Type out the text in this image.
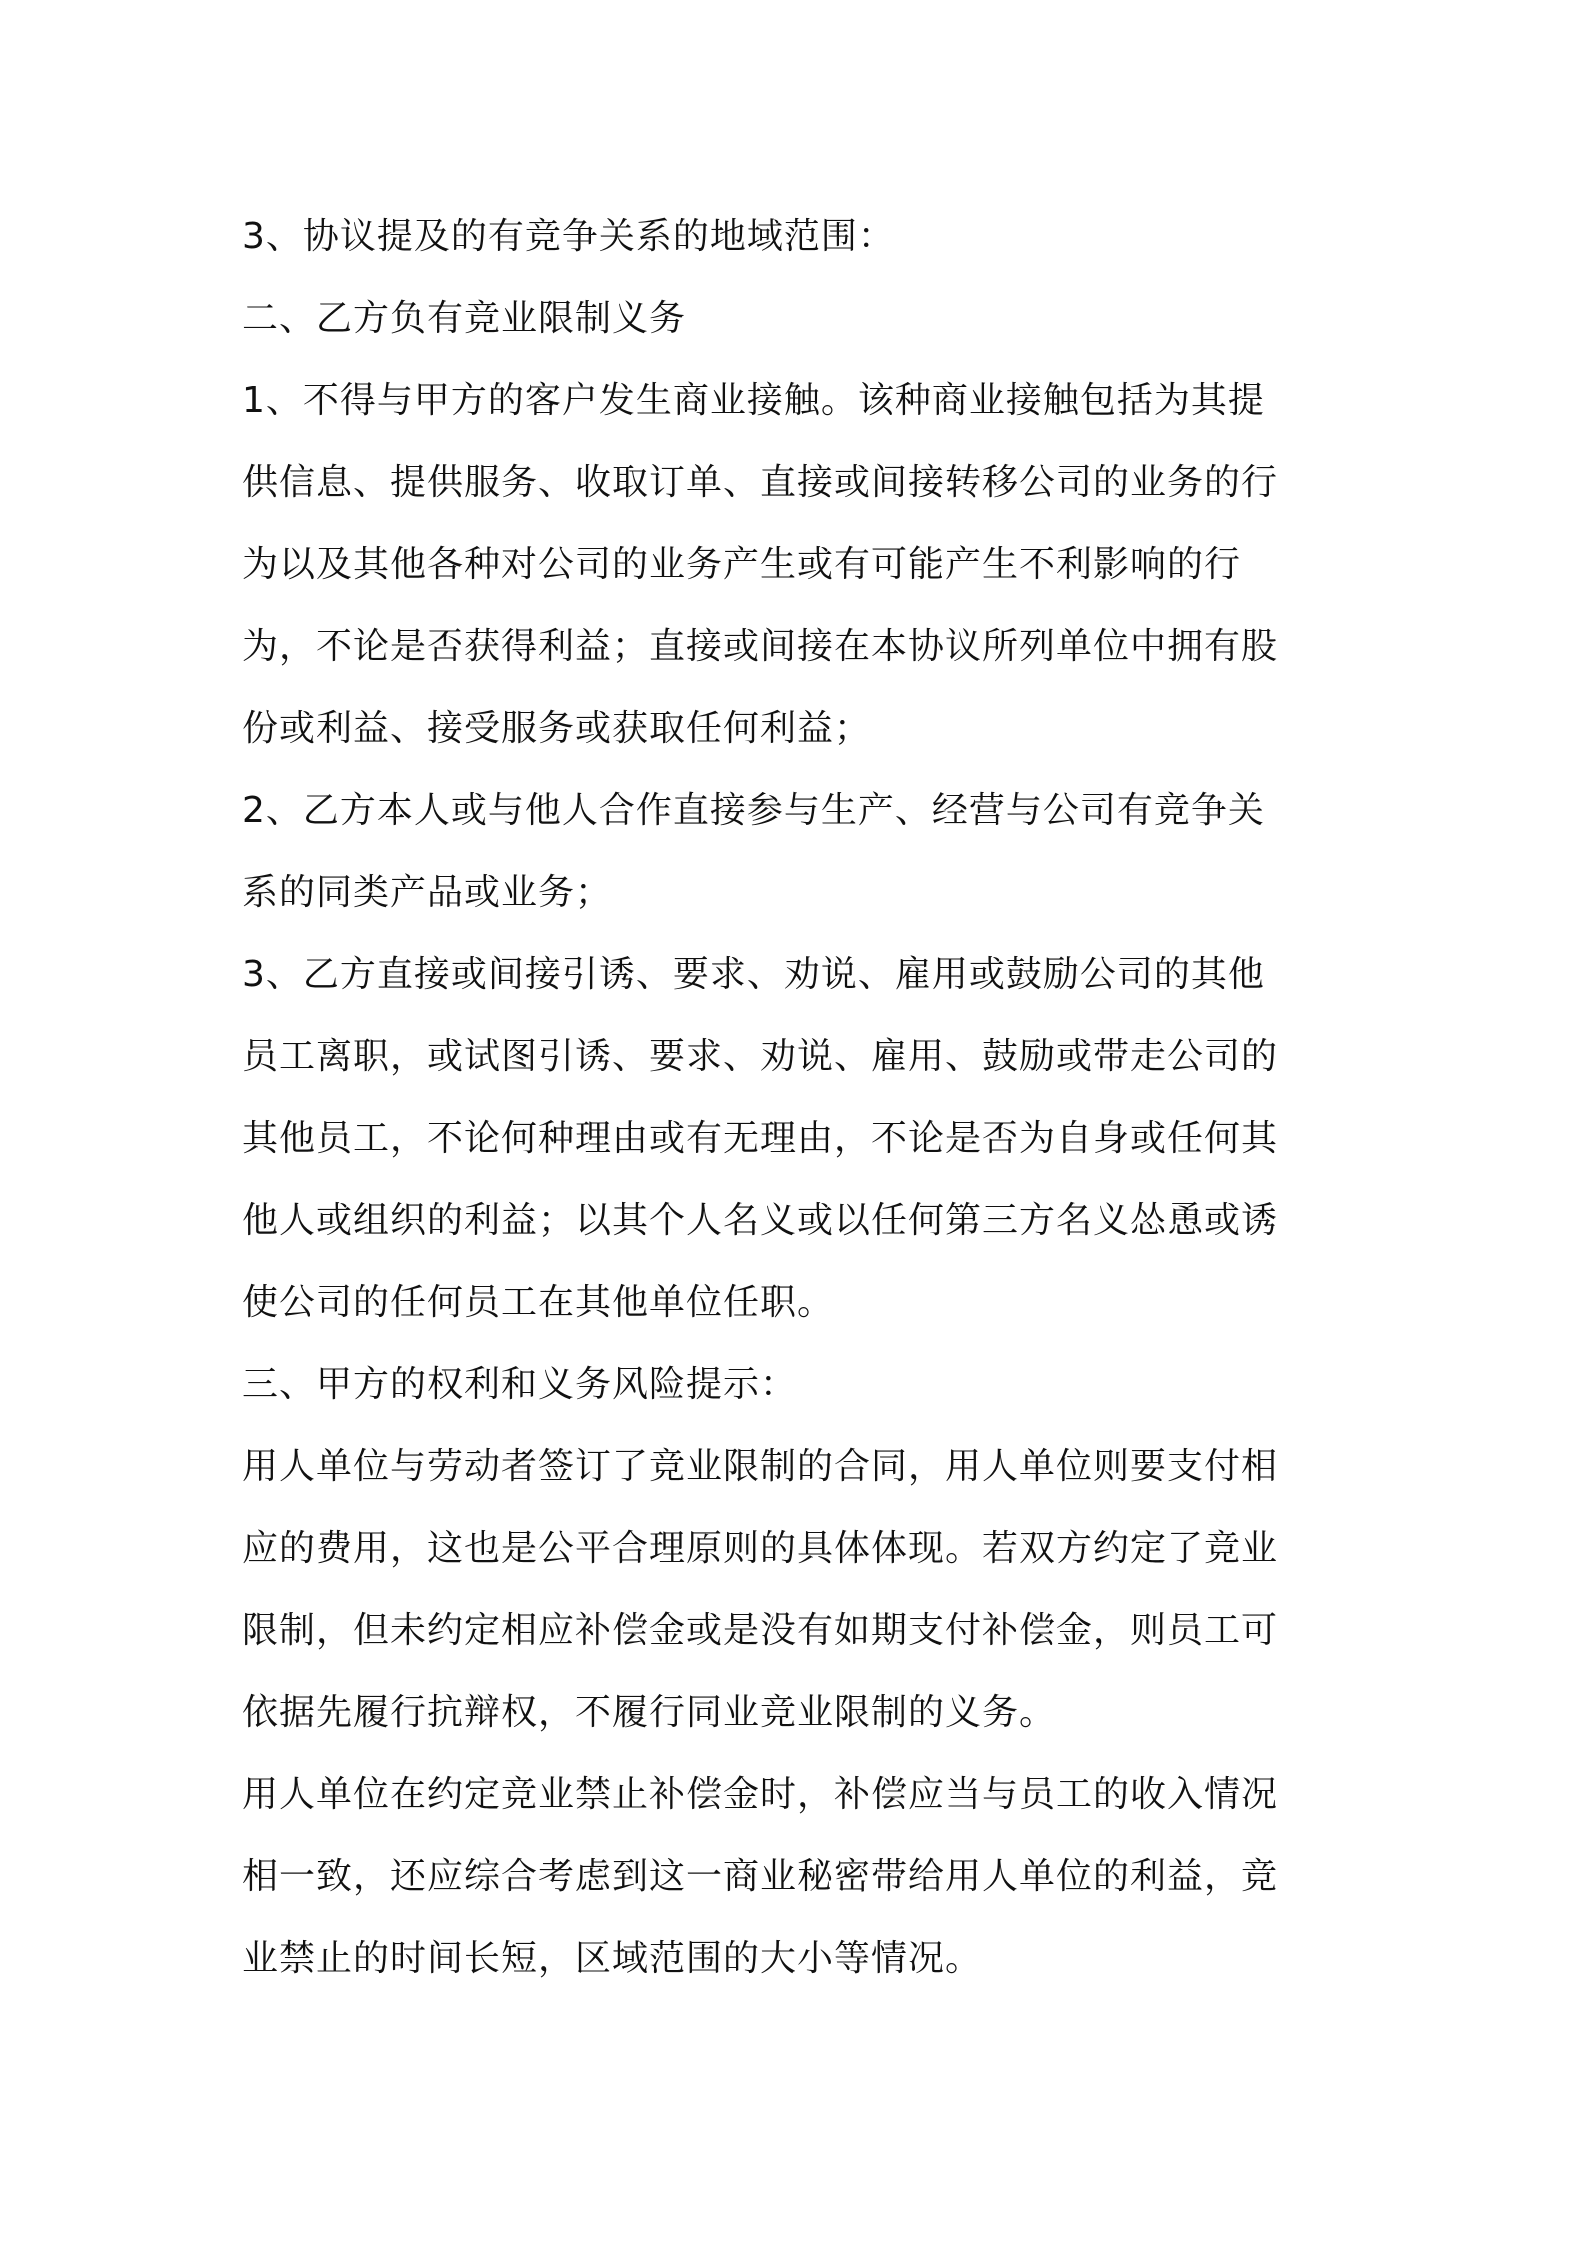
3、协议提及的有竞争关系的地域范围：
二、乙方负有竞业限制义务
1、不得与甲方的客户发生商业接触。该种商业接触包括为其提
供信息、提供服务、收取订单、直接或间接转移公司的业务的行
为以及其他各种对公司的业务产生或有可能产生不利影响的行
为，不论是否获得利益；直接或间接在本协议所列单位中拥有股
份或利益、接受服务或获取任何利益；
2、乙方本人或与他人合作直接参与生产、经营与公司有竞争关
系的同类产品或业务；
3、乙方直接或间接引诱、要求、劝说、雇用或鼓励公司的其他
员工离职，或试图引诱、要求、劝说、雇用、鼓励或带走公司的
其他员工，不论何种理由或有无理由，不论是否为自身或任何其
他人或组织的利益；以其个人名义或以任何第三方名义怂恿或诱
使公司的任何员工在其他单位任职。
三、甲方的权利和义务风险提示：
用人单位与劳动者签订了竞业限制的合同，用人单位则要支付相
应的费用，这也是公平合理原则的具体体现。若双方约定了竞业
限制，但未约定相应补偿金或是没有如期支付补偿金，则员工可
依据先履行抗辩权，不履行同业竞业限制的义务。
用人单位在约定竞业禁止补偿金时，补偿应当与员工的收入情况
相一致，还应综合考虑到这一商业秘密带给用人单位的利益，竞
业禁止的时间长短，区域范围的大小等情况。
